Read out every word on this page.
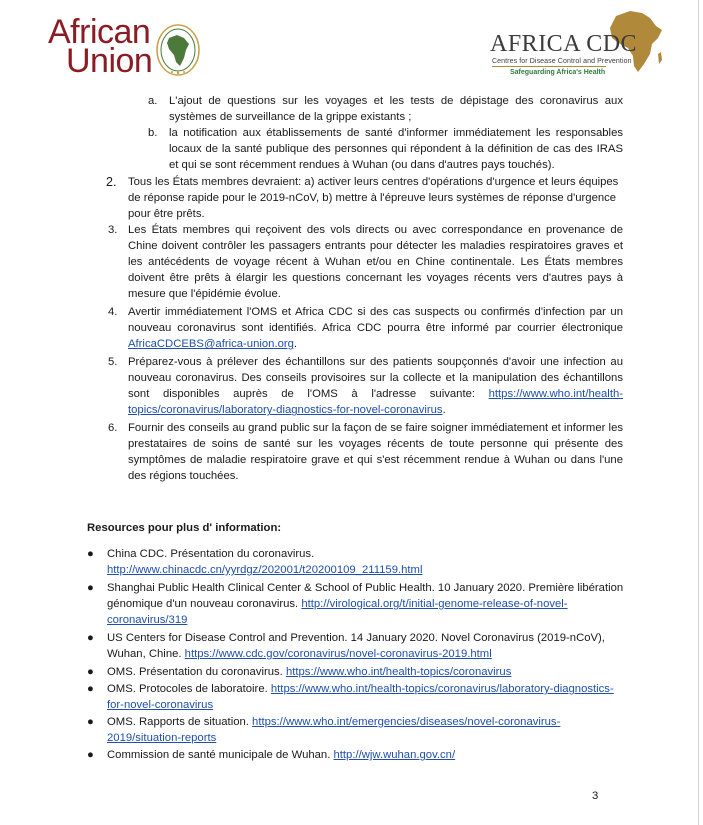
African
Union	AFRICA CDC
Centres for Disease Control and Prevention
Safeguarding Africa's Health
a. L'ajout de questions sur les voyages et les tests de dépistage des coronavirus aux systèmes de surveillance de la grippe existants ;
b. la notification aux établissements de santé d'informer immédiatement les responsables locaux de la santé publique des personnes qui répondent à la définition de cas des IRAS et qui se sont récemment rendues à Wuhan (ou dans d'autres pays touchés).
2. Tous les États membres devraient: a) activer leurs centres d'opérations d'urgence et leurs équipes de réponse rapide pour le 2019-nCoV, b) mettre à l'épreuve leurs systèmes de réponse d'urgence pour être prêts.
3. Les États membres qui reçoivent des vols directs ou avec correspondance en provenance de Chine doivent contrôler les passagers entrants pour détecter les maladies respiratoires graves et les antécédents de voyage récent à Wuhan et/ou en Chine continentale. Les États membres doivent être prêts à élargir les questions concernant les voyages récents vers d'autres pays à mesure que l'épidémie évolue.
4. Avertir immédiatement l'OMS et Africa CDC si des cas suspects ou confirmés d'infection par un nouveau coronavirus sont identifiés. Africa CDC pourra être informé par courrier électronique AfricaCDCEBS@africa-union.org.
5. Préparez-vous à prélever des échantillons sur des patients soupçonnés d'avoir une infection au nouveau coronavirus. Des conseils provisoires sur la collecte et la manipulation des échantillons sont disponibles auprès de l'OMS à l'adresse suivante: https://www.who.int/health-topics/coronavirus/laboratory-diagnostics-for-novel-coronavirus.
6. Fournir des conseils au grand public sur la façon de se faire soigner immédiatement et informer les prestataires de soins de santé sur les voyages récents de toute personne qui présente des symptômes de maladie respiratoire grave et qui s'est récemment rendue à Wuhan ou dans l'une des régions touchées.
Resources pour plus d' information:
● China CDC. Présentation du coronavirus. http://www.chinacdc.cn/yyrdgz/202001/t20200109_211159.html
● Shanghai Public Health Clinical Center & School of Public Health. 10 January 2020. Première libération génomique d'un nouveau coronavirus. http://virological.org/t/initial-genome-release-of-novel-coronavirus/319
● US Centers for Disease Control and Prevention. 14 January 2020. Novel Coronavirus (2019-nCoV), Wuhan, Chine. https://www.cdc.gov/coronavirus/novel-coronavirus-2019.html
● OMS. Présentation du coronavirus. https://www.who.int/health-topics/coronavirus
● OMS. Protocoles de laboratoire. https://www.who.int/health-topics/coronavirus/laboratory-diagnostics-for-novel-coronavirus
● OMS. Rapports de situation. https://www.who.int/emergencies/diseases/novel-coronavirus-2019/situation-reports
● Commission de santé municipale de Wuhan. http://wjw.wuhan.gov.cn/
3
